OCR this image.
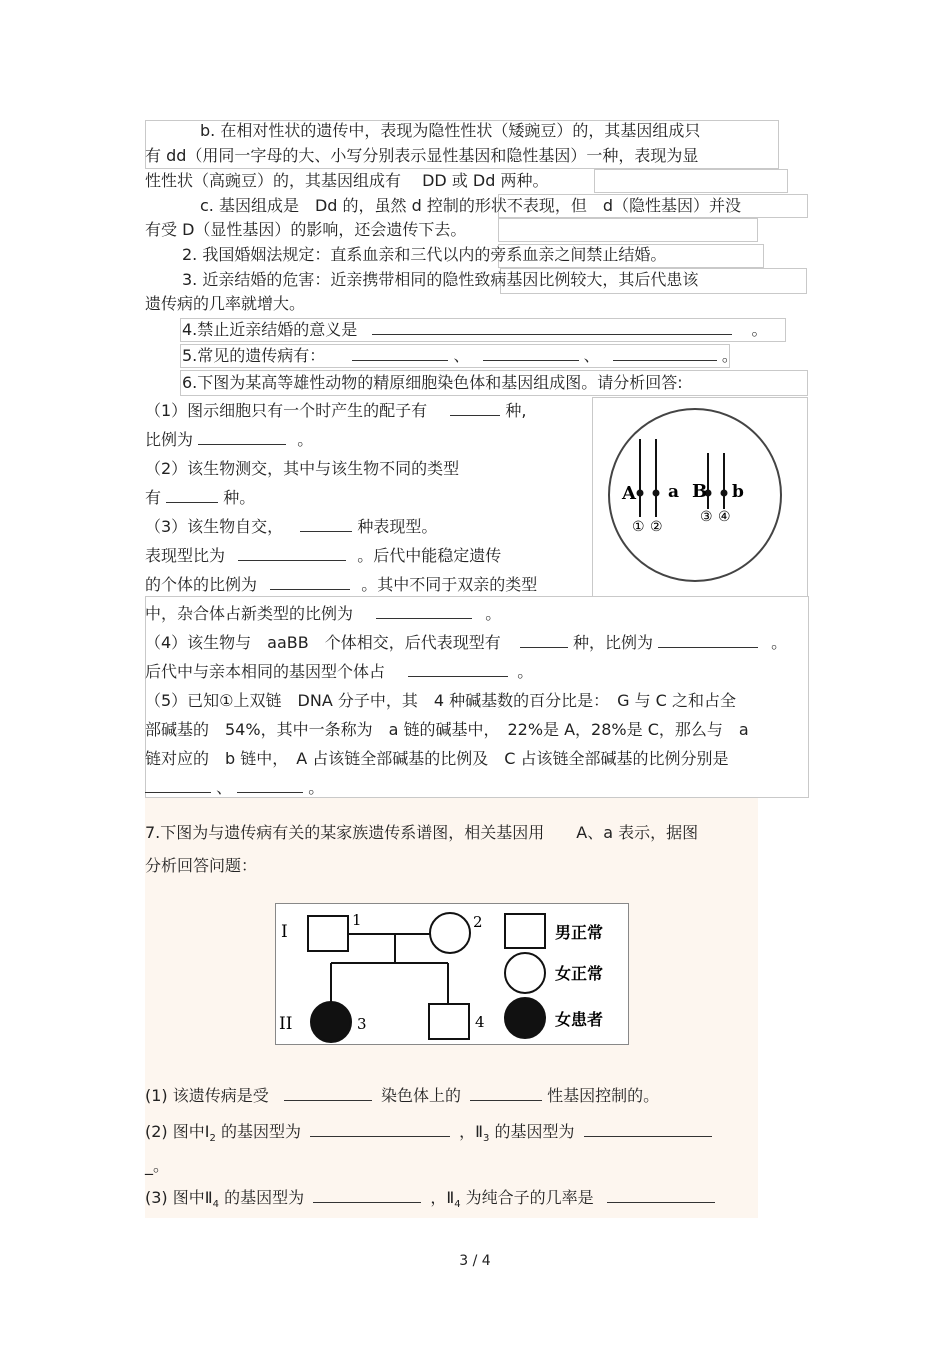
b. 在相对性状的遗传中，表现为隐性性状（矮豌豆）的，其基因组成只
有 dd（用同一字母的大、小写分别表示显性基因和隐性基因）一种，表现为显
性性状（高豌豆）的，其基因组成有　 DD 或 Dd 两种。
c. 基因组成是　Dd 的，虽然 d 控制的形状不表现，但　d（隐性基因）并没
有受 D（显性基因）的影响，还会遗传下去。
2. 我国婚姻法规定：直系血亲和三代以内的旁系血亲之间禁止结婚。
3. 近亲结婚的危害：近亲携带相同的隐性致病基因比例较大，其后代患该
遗传病的几率就增大。
4.禁止近亲结婚的意义是	。
5.常见的遗传病有：	、	、	。
6.下图为某高等雄性动物的精原细胞染色体和基因组成图。请分析回答:
（1）图示细胞只有一个时产生的配子有	种,
比例为	。
（2）该生物测交，其中与该生物不同的类型
有	种。
（3）该生物自交，	种表现型。
表现型比为	。后代中能稳定遗传
的个体的比例为	。其中不同于双亲的类型
中，杂合体占新类型的比例为	。
（4）该生物与　aaBB　个体相交，后代表现型有	种，比例为	。
后代中与亲本相同的基因型个体占	。
（5）已知①上双链　DNA 分子中，其　4 种碱基数的百分比是：　G 与 C 之和占全
部碱基的　54%，其中一条称为　a 链的碱基中，　22%是 A，28%是 C，那么与　a
链对应的　b 链中，　A 占该链全部碱基的比例及　C 占该链全部碱基的比例分别是
、	。
A a B b
① ②
③ ④
7.下图为与遗传病有关的某家族遗传系谱图，相关基因用　　A、a 表示，据图
分析回答问题：
I
II
1	2
3	4
男正常
女正常
女患者
(1) 该遗传病是受	染色体上的	性基因控制的。
(2) 图中$Ⅰ_2$ 的基因型为	，$Ⅱ_3$ 的基因型为
_。
(3) 图中$Ⅱ_4$ 的基因型为	，$Ⅱ_4$ 为纯合子的几率是
3 / 4
